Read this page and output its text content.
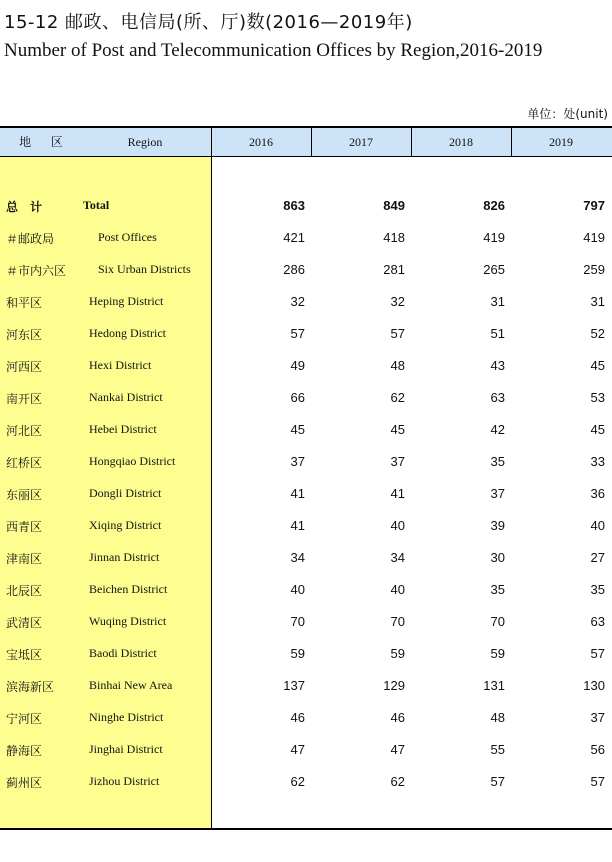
15-12 邮政、电信局(所、厅)数(2016—2019年)
Number of Post and Telecommunication Offices by Region,2016-2019
单位：处(unit)
地 区	Region	2016	2017	2018	2019
总　计	Total	863	849	826	797
＃邮政局	Post Offices	421	418	419	419
＃市内六区	Six Urban Districts	286	281	265	259
和平区	Heping District	32	32	31	31
河东区	Hedong District	57	57	51	52
河西区	Hexi District	49	48	43	45
南开区	Nankai District	66	62	63	53
河北区	Hebei District	45	45	42	45
红桥区	Hongqiao District	37	37	35	33
东丽区	Dongli District	41	41	37	36
西青区	Xiqing District	41	40	39	40
津南区	Jinnan District	34	34	30	27
北辰区	Beichen District	40	40	35	35
武清区	Wuqing District	70	70	70	63
宝坻区	Baodi District	59	59	59	57
滨海新区	Binhai New Area	137	129	131	130
宁河区	Ninghe District	46	46	48	37
静海区	Jinghai District	47	47	55	56
蓟州区	Jizhou District	62	62	57	57
